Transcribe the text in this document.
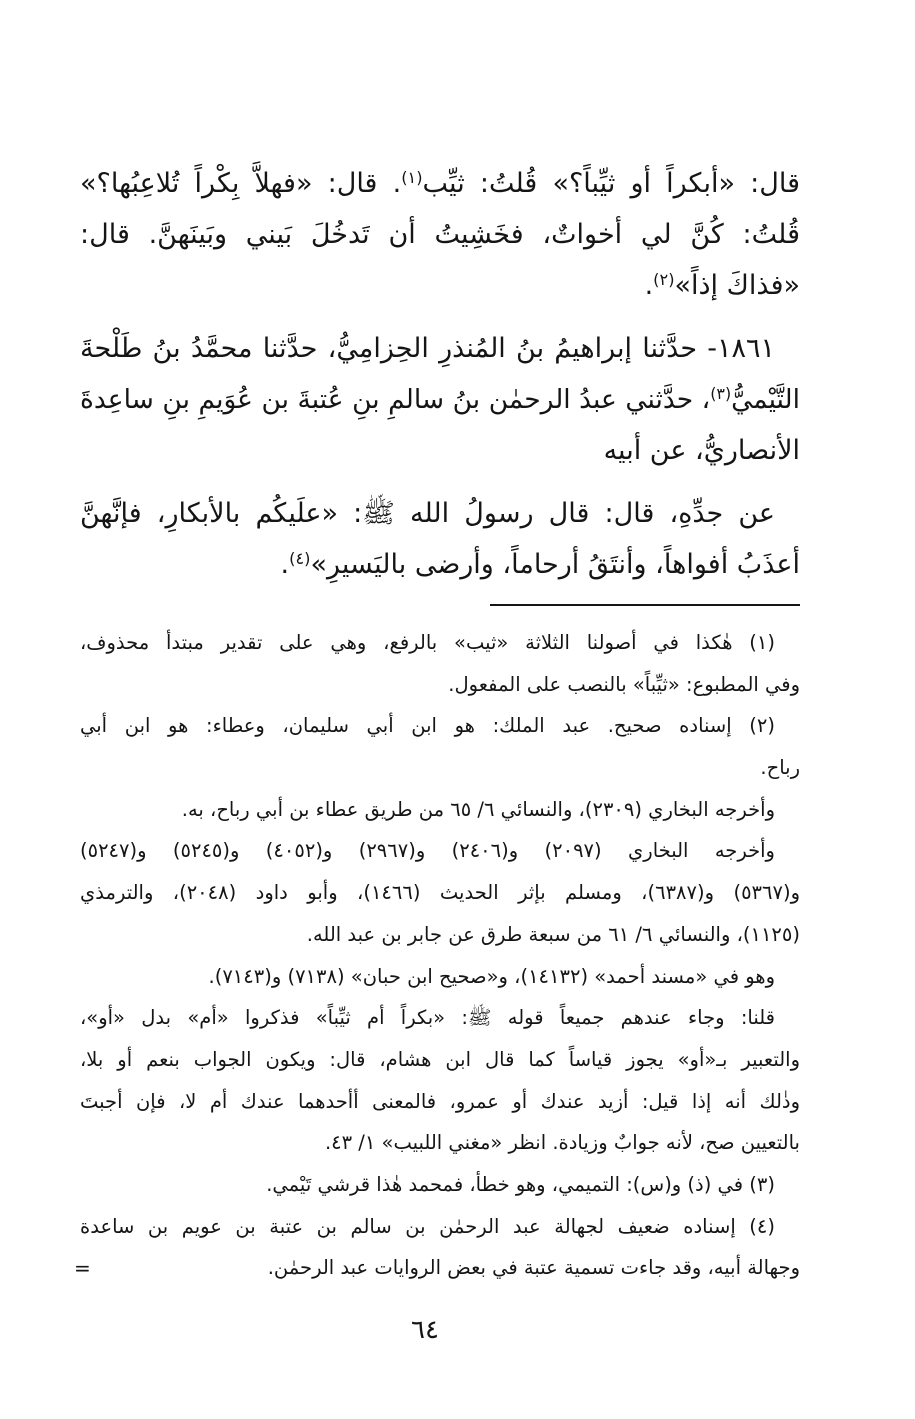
قال: «أبكراً أو ثيِّباً؟» قُلتُ: ثيِّب$^{(١)}$. قال: «فهلاَّ بِكْراً تُلاعِبُها؟»
قُلتُ: كُنَّ لي أخواتٌ، فخَشِيتُ أن تَدخُلَ بَيني وبَينَهنَّ. قال:
«فذاكَ إذاً»$^{(٢)}$.
١٨٦١- حدَّثنا إبراهيمُ بنُ المُنذرِ الحِزامِيُّ، حدَّثنا محمَّدُ بنُ طَلْحةَ
التَّيْميُّ$^{(٣)}$، حدَّثني عبدُ الرحمٰن بنُ سالمِ بنِ عُتبةَ بن عُوَيمِ بنِ ساعِدةَ
الأنصاريُّ، عن أبيه
عن جدِّهِ، قال: قال رسولُ الله ﷺ: «علَيكُم بالأبكارِ، فإنَّهنَّ
أعذَبُ أفواهاً، وأنتَقُ أرحاماً، وأرضى باليَسيرِ»$^{(٤)}$.
(١) هٰكذا في أصولنا الثلاثة «ثيب» بالرفع، وهي على تقدير مبتدأ محذوف،
وفي المطبوع: «ثيِّباً» بالنصب على المفعول.
(٢) إسناده صحيح. عبد الملك: هو ابن أبي سليمان، وعطاء: هو ابن أبي
رباح.
وأخرجه البخاري (٢٣٠٩)، والنسائي ٦/ ٦٥ من طريق عطاء بن أبي رباح، به.
وأخرجه البخاري (٢٠٩٧) و(٢٤٠٦) و(٢٩٦٧) و(٤٠٥٢) و(٥٢٤٥) و(٥٢٤٧)
و(٥٣٦٧) و(٦٣٨٧)، ومسلم بإثر الحديث (١٤٦٦)، وأبو داود (٢٠٤٨)، والترمذي
(١١٢٥)، والنسائي ٦/ ٦١ من سبعة طرق عن جابر بن عبد الله.
وهو في «مسند أحمد» (١٤١٣٢)، و«صحيح ابن حبان» (٧١٣٨) و(٧١٤٣).
قلنا: وجاء عندهم جميعاً قوله ﷺ: «بكراً أم ثيِّباً» فذكروا «أم» بدل «أو»،
والتعبير بـ«أو» يجوز قياساً كما قال ابن هشام، قال: ويكون الجواب بنعم أو بلا،
وذٰلك أنه إذا قيل: أزيد عندك أو عمرو، فالمعنى أأحدهما عندك أم لا، فإن أجبتَ
بالتعيين صح، لأنه جوابٌ وزيادة. انظر «مغني اللبيب» ١/ ٤٣.
(٣) في (ذ) و(س): التميمي، وهو خطأ، فمحمد هٰذا قرشي تَيْمي.
(٤) إسناده ضعيف لجهالة عبد الرحمٰن بن سالم بن عتبة بن عويم بن ساعدة
وجهالة أبيه، وقد جاءت تسمية عتبة في بعض الروايات عبد الرحمٰن.
=
٦٤
